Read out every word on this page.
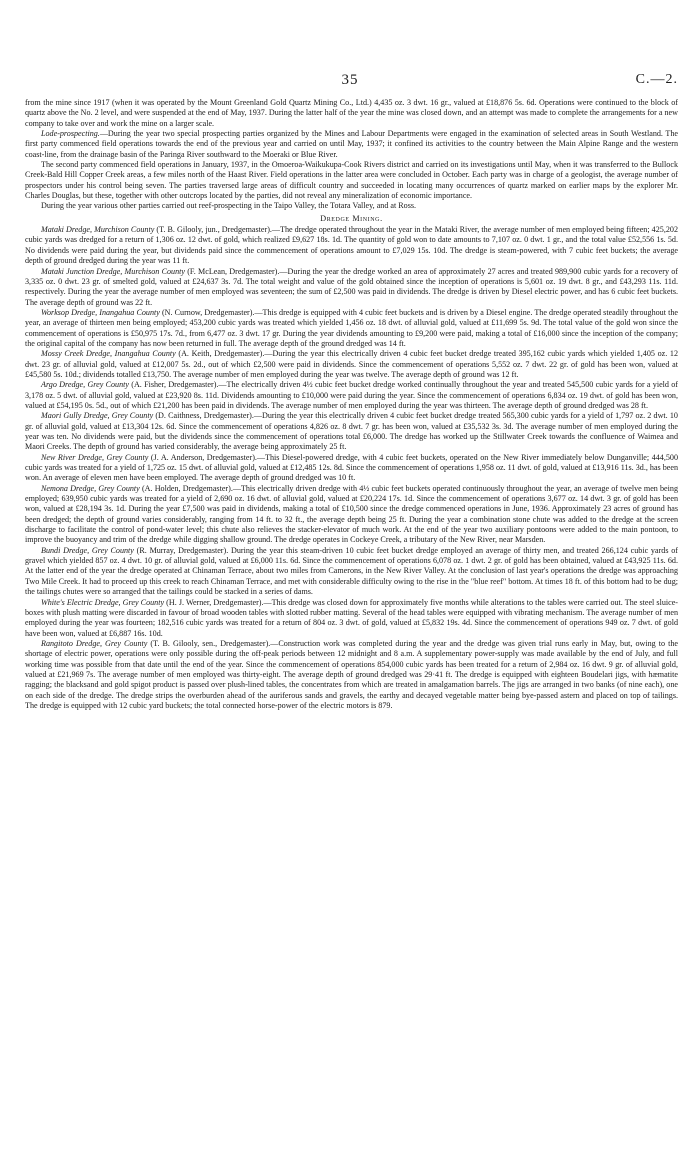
35	C.—2.

from the mine since 1917 (when it was operated by the Mount Greenland Gold Quartz Mining Co., Ltd.) 4,435 oz. 3 dwt. 16 gr., valued at £18,876 5s. 6d. Operations were continued to the block of quartz above the No. 2 level, and were suspended at the end of May, 1937. During the latter half of the year the mine was closed down, and an attempt was made to complete the arrangements for a new company to take over and work the mine on a larger scale.

Lode-prospecting.—During the year two special prospecting parties organized by the Mines and Labour Departments were engaged in the examination of selected areas in South Westland. The first party commenced field operations towards the end of the previous year and carried on until May, 1937; it confined its activities to the country between the Main Alpine Range and the western coast-line, from the drainage basin of the Paringa River southward to the Moeraki or Blue River.

The second party commenced field operations in January, 1937, in the Omoeroa-Waikukupa-Cook Rivers district and carried on its investigations until May, when it was transferred to the Bullock Creek-Bald Hill Copper Creek areas, a few miles north of the Haast River. Field operations in the latter area were concluded in October. Each party was in charge of a geologist, the average number of prospectors under his control being seven. The parties traversed large areas of difficult country and succeeded in locating many occurrences of quartz marked on earlier maps by the explorer Mr. Charles Douglas, but these, together with other outcrops located by the parties, did not reveal any mineralization of economic importance.

During the year various other parties carried out reef-prospecting in the Taipo Valley, the Totara Valley, and at Ross.

Dredge Mining.

Mataki Dredge, Murchison County (T. B. Gilooly, jun., Dredgemaster).—The dredge operated throughout the year in the Mataki River, the average number of men employed being fifteen; 425,202 cubic yards was dredged for a return of 1,306 oz. 12 dwt. of gold, which realized £9,627 18s. 1d. The quantity of gold won to date amounts to 7,107 oz. 0 dwt. 1 gr., and the total value £52,556 1s. 5d. No dividends were paid during the year, but dividends paid since the commencement of operations amount to £7,029 15s. 10d. The dredge is steam-powered, with 7 cubic feet buckets; the average depth of ground dredged during the year was 11 ft.

Mataki Junction Dredge, Murchison County (F. McLean, Dredgemaster).—During the year the dredge worked an area of approximately 27 acres and treated 989,900 cubic yards for a recovery of 3,335 oz. 0 dwt. 23 gr. of smelted gold, valued at £24,637 3s. 7d. The total weight and value of the gold obtained since the inception of operations is 5,601 oz. 19 dwt. 8 gr., and £43,293 11s. 11d. respectively. During the year the average number of men employed was seventeen; the sum of £2,500 was paid in dividends. The dredge is driven by Diesel electric power, and has 6 cubic feet buckets. The average depth of ground was 22 ft.

Worksop Dredge, Inangahua County (N. Curnow, Dredgemaster).—This dredge is equipped with 4 cubic feet buckets and is driven by a Diesel engine. The dredge operated steadily throughout the year, an average of thirteen men being employed; 453,200 cubic yards was treated which yielded 1,456 oz. 18 dwt. of alluvial gold, valued at £11,699 5s. 9d. The total value of the gold won since the commencement of operations is £50,975 17s. 7d., from 6,477 oz. 3 dwt. 17 gr. During the year dividends amounting to £9,200 were paid, making a total of £16,000 since the inception of the company; the original capital of the company has now been returned in full. The average depth of the ground dredged was 14 ft.

Mossy Creek Dredge, Inangahua County (A. Keith, Dredgemaster).—During the year this electrically driven 4 cubic feet bucket dredge treated 395,162 cubic yards which yielded 1,405 oz. 12 dwt. 23 gr. of alluvial gold, valued at £12,007 5s. 2d., out of which £2,500 were paid in dividends. Since the commencement of operations 5,552 oz. 7 dwt. 22 gr. of gold has been won, valued at £45,580 5s. 10d.; dividends totalled £13,750. The average number of men employed during the year was twelve. The average depth of ground was 12 ft.

Argo Dredge, Grey County (A. Fisher, Dredgemaster).—The electrically driven 4½ cubic feet bucket dredge worked continually throughout the year and treated 545,500 cubic yards for a yield of 3,178 oz. 5 dwt. of alluvial gold, valued at £23,920 8s. 11d. Dividends amounting to £10,000 were paid during the year. Since the commencement of operations 6,834 oz. 19 dwt. of gold has been won, valued at £54,195 0s. 5d., out of which £21,200 has been paid in dividends. The average number of men employed during the year was thirteen. The average depth of ground dredged was 28 ft.

Maori Gully Dredge, Grey County (D. Caithness, Dredgemaster).—During the year this electrically driven 4 cubic feet bucket dredge treated 565,300 cubic yards for a yield of 1,797 oz. 2 dwt. 10 gr. of alluvial gold, valued at £13,304 12s. 6d. Since the commencement of operations 4,826 oz. 8 dwt. 7 gr. has been won, valued at £35,532 3s. 3d. The average number of men employed during the year was ten. No dividends were paid, but the dividends since the commencement of operations total £6,000. The dredge has worked up the Stillwater Creek towards the confluence of Waimea and Maori Creeks. The depth of ground has varied considerably, the average being approximately 25 ft.

New River Dredge, Grey County (J. A. Anderson, Dredgemaster).—This Diesel-powered dredge, with 4 cubic feet buckets, operated on the New River immediately below Dunganville; 444,500 cubic yards was treated for a yield of 1,725 oz. 15 dwt. of alluvial gold, valued at £12,485 12s. 8d. Since the commencement of operations 1,958 oz. 11 dwt. of gold, valued at £13,916 11s. 3d., has been won. An average of eleven men have been employed. The average depth of ground dredged was 10 ft.

Nemona Dredge, Grey County (A. Holden, Dredgemaster).—This electrically driven dredge with 4½ cubic feet buckets operated continuously throughout the year, an average of twelve men being employed; 639,950 cubic yards was treated for a yield of 2,690 oz. 16 dwt. of alluvial gold, valued at £20,224 17s. 1d. Since the commencement of operations 3,677 oz. 14 dwt. 3 gr. of gold has been won, valued at £28,194 3s. 1d. During the year £7,500 was paid in dividends, making a total of £10,500 since the dredge commenced operations in June, 1936. Approximately 23 acres of ground has been dredged; the depth of ground varies considerably, ranging from 14 ft. to 32 ft., the average depth being 25 ft. During the year a combination stone chute was added to the dredge at the screen discharge to facilitate the control of pond-water level; this chute also relieves the stacker-elevator of much work. At the end of the year two auxiliary pontoons were added to the main pontoon, to improve the buoyancy and trim of the dredge while digging shallow ground. The dredge operates in Cockeye Creek, a tributary of the New River, near Marsden.

Bundi Dredge, Grey County (R. Murray, Dredgemaster). During the year this steam-driven 10 cubic feet bucket dredge employed an average of thirty men, and treated 266,124 cubic yards of gravel which yielded 857 oz. 4 dwt. 10 gr. of alluvial gold, valued at £6,000 11s. 6d. Since the commencement of operations 6,078 oz. 1 dwt. 2 gr. of gold has been obtained, valued at £43,925 11s. 6d. At the latter end of the year the dredge operated at Chinaman Terrace, about two miles from Camerons, in the New River Valley. At the conclusion of last year's operations the dredge was approaching Two Mile Creek. It had to proceed up this creek to reach Chinaman Terrace, and met with considerable difficulty owing to the rise in the "blue reef" bottom. At times 18 ft. of this bottom had to be dug; the tailings chutes were so arranged that the tailings could be stacked in a series of dams.

White's Electric Dredge, Grey County (H. J. Werner, Dredgemaster).—This dredge was closed down for approximately five months while alterations to the tables were carried out. The steel sluice-boxes with plush matting were discarded in favour of broad wooden tables with slotted rubber matting. Several of the head tables were equipped with vibrating mechanism. The average number of men employed during the year was fourteen; 182,516 cubic yards was treated for a return of 804 oz. 3 dwt. of gold, valued at £5,832 19s. 4d. Since the commencement of operations 949 oz. 7 dwt. of gold have been won, valued at £6,887 16s. 10d.

Rangitoto Dredge, Grey County (T. B. Gilooly, sen., Dredgemaster).—Construction work was completed during the year and the dredge was given trial runs early in May, but, owing to the shortage of electric power, operations were only possible during the off-peak periods between 12 midnight and 8 a.m. A supplementary power-supply was made available by the end of July, and full working time was possible from that date until the end of the year. Since the commencement of operations 854,000 cubic yards has been treated for a return of 2,984 oz. 16 dwt. 9 gr. of alluvial gold, valued at £21,969 7s. The average number of men employed was thirty-eight. The average depth of ground dredged was 29·41 ft. The dredge is equipped with eighteen Boudelari jigs, with hæmatite ragging; the blacksand and gold spigot product is passed over plush-lined tables, the concentrates from which are treated in amalgamation barrels. The jigs are arranged in two banks (of nine each), one on each side of the dredge. The dredge strips the overburden ahead of the auriferous sands and gravels, the earthy and decayed vegetable matter being bye-passed astern and placed on top of tailings. The dredge is equipped with 12 cubic yard buckets; the total connected horse-power of the electric motors is 879.
